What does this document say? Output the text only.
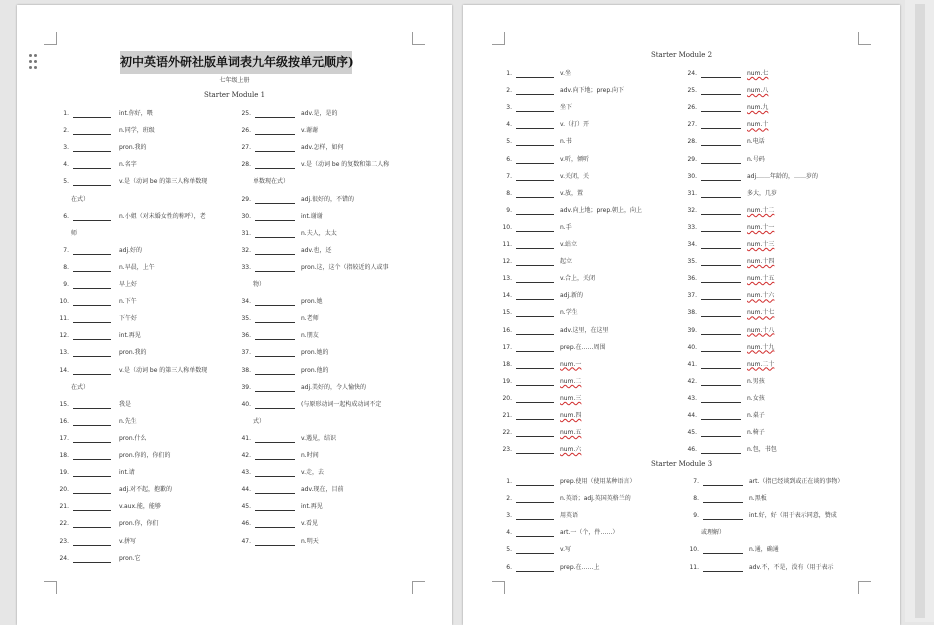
初中英语外研社版单词表九年级按单元顺序)
七年级上册
Starter Module 1
1.	int.你好，喂
2.	n.同学，班级
3.	pron.我的
4.	n.名字
5.	v.是（动词 be 的第三人称单数现
在式）
6.	n.小姐（对未婚女性的称呼），老
师
7.	adj.好的
8.	n.早晨，上午
9.	早上好
10.	n.下午
11.	下午好
12.	int.再见
13.	pron.我的
14.	v.是（动词 be 的第三人称单数现
在式）
15.	我是
16.	n.先生
17.	pron.什么
18.	pron.你的，你们的
19.	int.请
20.	adj.对不起，抱歉的
21.	v.aux.能，能够
22.	pron.你，你们
23.	v.拼写
24.	pron.它
25.	adv.是，是的
26.	v.谢谢
27.	adv.怎样，如何
28.	v.是（动词 be 的复数和第二人称
单数现在式）
29.	adj.很好的，不错的
30.	int.谢谢
31.	n.夫人，太太
32.	adv.也，还
33.	pron.这，这个（指较近的人或事
物）
34.	pron.她
35.	n.老师
36.	n.朋友
37.	pron.她的
38.	pron.他的
39.	adj.美好的，令人愉快的
40.	(与原形动词一起构成动词不定
式）
41.	v.遇见，结识
42.	n.时间
43.	v.走，去
44.	adv.现在，目前
45.	int.再见
46.	v.看见
47.	n.明天
Starter Module 2
Starter Module 3
1.	v.坐
2.	adv.向下地；prep.向下
3.	坐下
4.	v.（打）开
5.	n.书
6.	v.听，倾听
7.	v.关闭，关
8.	v.放，置
9.	adv.向上地；prep.朝上，向上
10.	n.手
11.	v.站立
12.	起立
13.	v.合上，关闭
14.	adj.新的
15.	n.学生
16.	adv.这里，在这里
17.	prep.在……周围
18.	num.一
19.	num.二
20.	num.三
21.	num.四
22.	num.五
23.	num.六
24.	num.七
25.	num.八
26.	num.九
27.	num.十
28.	n.电话
29.	n.号码
30.	adj.……年龄的，……岁的
31.	多大，几岁
32.	num.十二
33.	num.十一
34.	num.十三
35.	num.十四
36.	num.十五
37.	num.十六
38.	num.十七
39.	num.十八
40.	num.十九
41.	num.二十
42.	n.男孩
43.	n.女孩
44.	n.桌子
45.	n.椅子
46.	n.包，书包
1.	prep.使用（使用某种语言）
2.	n.英语；adj.英国英格兰的
3.	用英语
4.	art.一（个，件……）
5.	v.写
6.	prep.在……上
7.	art.（指已经谈到或正在谈的事物）
8.	n.黑板
9.	int.好，好（用于表示同意，赞成
或理解）
10.	n.通，确通
11.	adv.不，不是，没有（用于表示
